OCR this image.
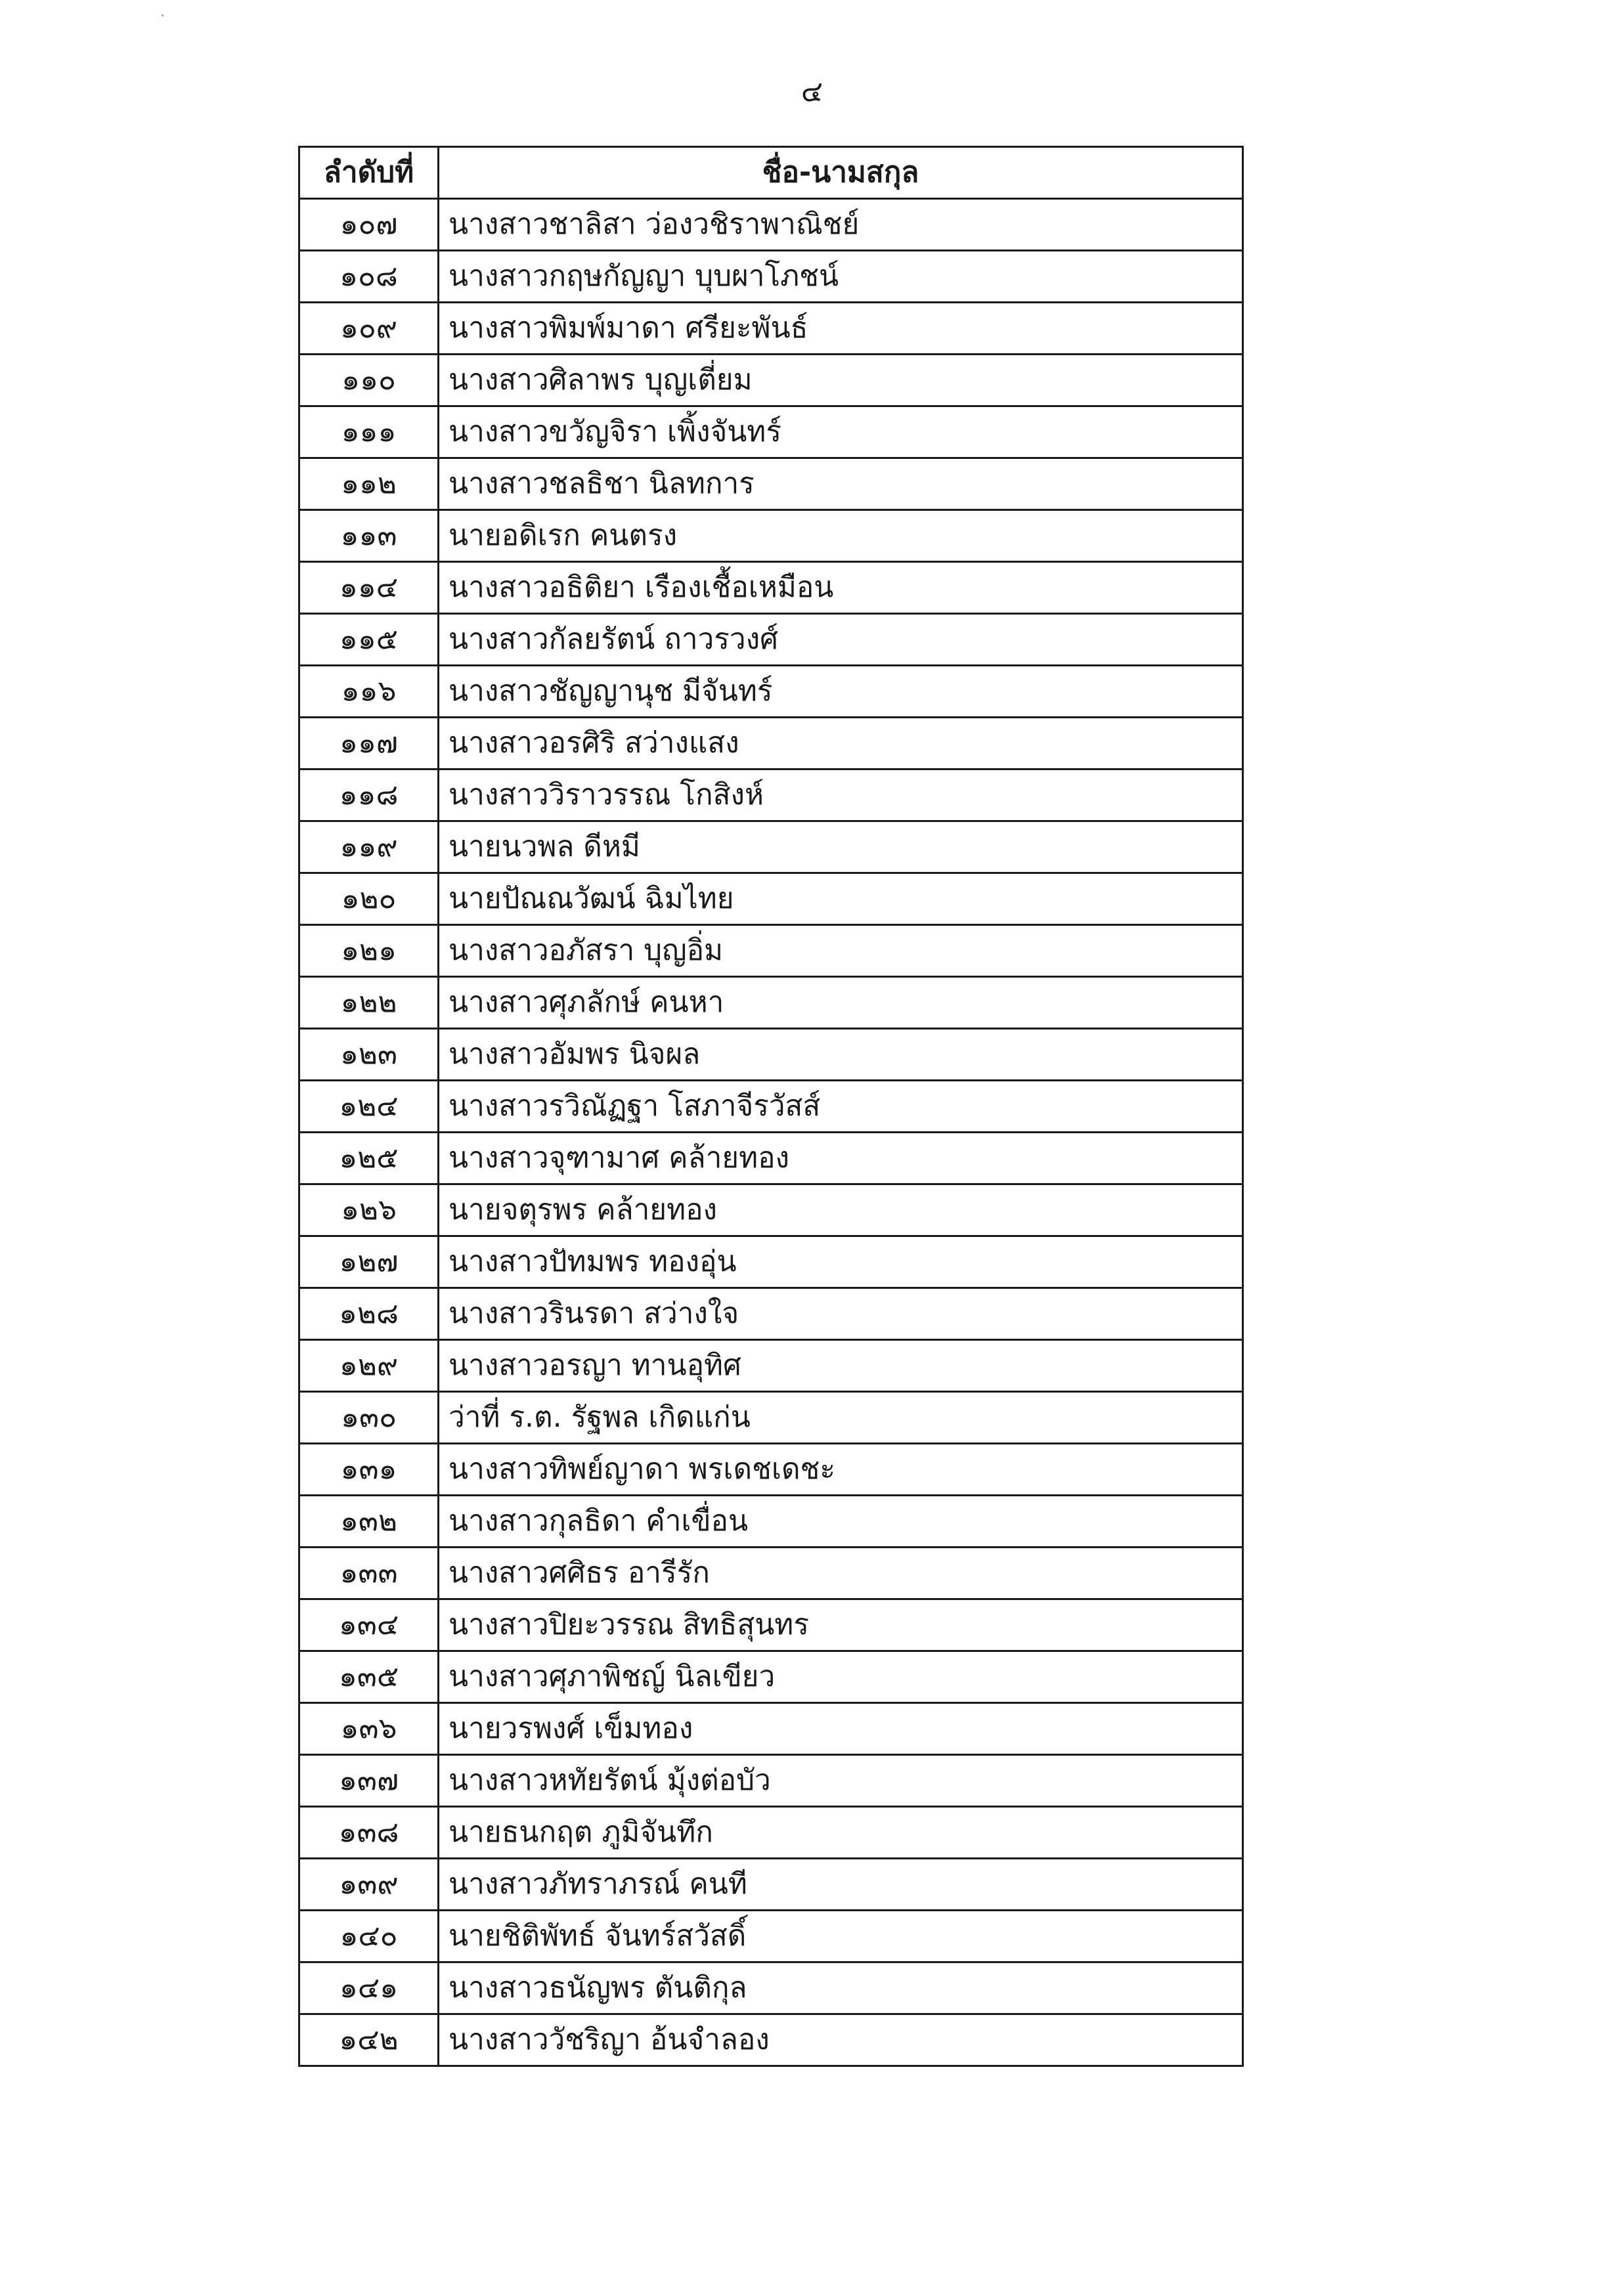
๔
ลำดับที่	ชื่อ-นามสกุล
๑๐๗	นางสาวชาลิสา ว่องวชิราพาณิชย์
๑๐๘	นางสาวกฤษกัญญา บุบผาโภชน์
๑๐๙	นางสาวพิมพ์มาดา ศรียะพันธ์
๑๑๐	นางสาวศิลาพร บุญเตี่ยม
๑๑๑	นางสาวขวัญจิรา เพิ้งจันทร์
๑๑๒	นางสาวชลธิชา นิลทการ
๑๑๓	นายอดิเรก คนตรง
๑๑๔	นางสาวอธิติยา เรืองเชื้อเหมือน
๑๑๕	นางสาวกัลยรัตน์ ถาวรวงศ์
๑๑๖	นางสาวชัญญานุช มีจันทร์
๑๑๗	นางสาวอรศิริ สว่างแสง
๑๑๘	นางสาววิราวรรณ โกสิงห์
๑๑๙	นายนวพล ดีหมี
๑๒๐	นายปัณณวัฒน์ ฉิมไทย
๑๒๑	นางสาวอภัสรา บุญอิ่ม
๑๒๒	นางสาวศุภลักษ์ คนหา
๑๒๓	นางสาวอัมพร นิจผล
๑๒๔	นางสาวรวิณัฏฐา โสภาจีรวัสส์
๑๒๕	นางสาวจุฑามาศ คล้ายทอง
๑๒๖	นายจตุรพร คล้ายทอง
๑๒๗	นางสาวปัทมพร ทองอุ่น
๑๒๘	นางสาวรินรดา สว่างใจ
๑๒๙	นางสาวอรญา ทานอุทิศ
๑๓๐	ว่าที่ ร.ต. รัฐพล เกิดแก่น
๑๓๑	นางสาวทิพย์ญาดา พรเดชเดชะ
๑๓๒	นางสาวกุลธิดา คำเขื่อน
๑๓๓	นางสาวศศิธร อารีรัก
๑๓๔	นางสาวปิยะวรรณ สิทธิสุนทร
๑๓๕	นางสาวศุภาพิชญ์ นิลเขียว
๑๓๖	นายวรพงศ์ เข็มทอง
๑๓๗	นางสาวหทัยรัตน์ มุ้งต่อบัว
๑๓๘	นายธนกฤต ภูมิจันทึก
๑๓๙	นางสาวภัทราภรณ์ คนที
๑๔๐	นายชิติพัทธ์ จันทร์สวัสดิ์
๑๔๑	นางสาวธนัญพร ตันติกุล
๑๔๒	นางสาววัชริญา อ้นจำลอง
